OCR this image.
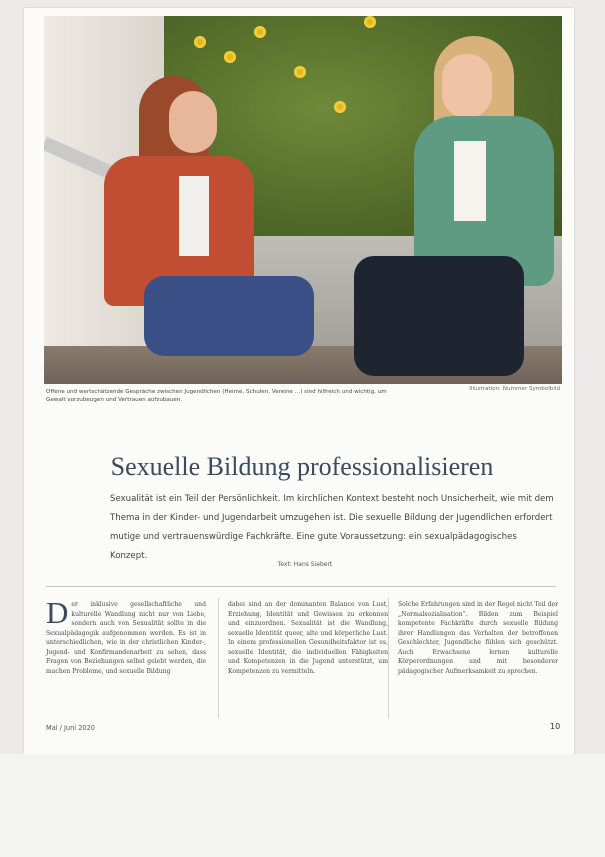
Offene und wertschätzende Gespräche zwischen Jugendlichen (Heime, Schulen, Vereine …) sind hilfreich und wichtig, um Gewalt vorzubeugen und Vertrauen aufzubauen.
Illustration: Nummer Symbolbild
Sexuelle Bildung professionalisieren
Sexualität ist ein Teil der Persönlichkeit. Im kirchlichen Kontext besteht noch Unsicherheit, wie mit dem Thema in der Kinder- und Jugendarbeit umzugehen ist. Die sexuelle Bildung der Jugendlichen erfordert mutige und vertrauenswürdige Fachkräfte. Eine gute Voraussetzung: ein sexualpädagogisches Konzept.
Text: Hans Siebert
Der inklusive gesellschaftliche und kulturelle Wandlung nicht nur von Liebe, sondern auch von Sexualität sollte in die Sexualpädagogik aufgenommen werden. Es ist in unterschiedlichen, wie in der christlichen Kinder-, Jugend- und Konfirmandenarbeit zu sehen, dass Fragen von Beziehungen selbst gelebt werden, die machen Probleme, und sexuelle Bildung
dabei sind an der dominanten Balance von Lust, Erziehung, Identität und Gewissen zu erkennen und einzuordnen. Sexualität ist die Wandlung, sexuelle Identität queer, alte und körperliche Lust. In einem professionellen Gesundheitsfaktor ist es, sexuelle Identität, die individuellen Fähigkeiten und Kompetenzen in die Jugend unterstützt, um Kompetenzen zu vermitteln.
Solche Erfahrungen sind in der Regel nicht Teil der „Normalsozialisation“. Bilden zum Beispiel kompetente Fachkräfte durch sexuelle Bildung ihrer Handlungen das Verhalten der betroffenen Geschlechter, Jugendliche fühlen sich geschützt. Auch Erwachsene lernen kulturelle Körperordnungen und mit besonderer pädagogischer Aufmerksamkeit zu sprechen.
Mai / Juni 2020	10
